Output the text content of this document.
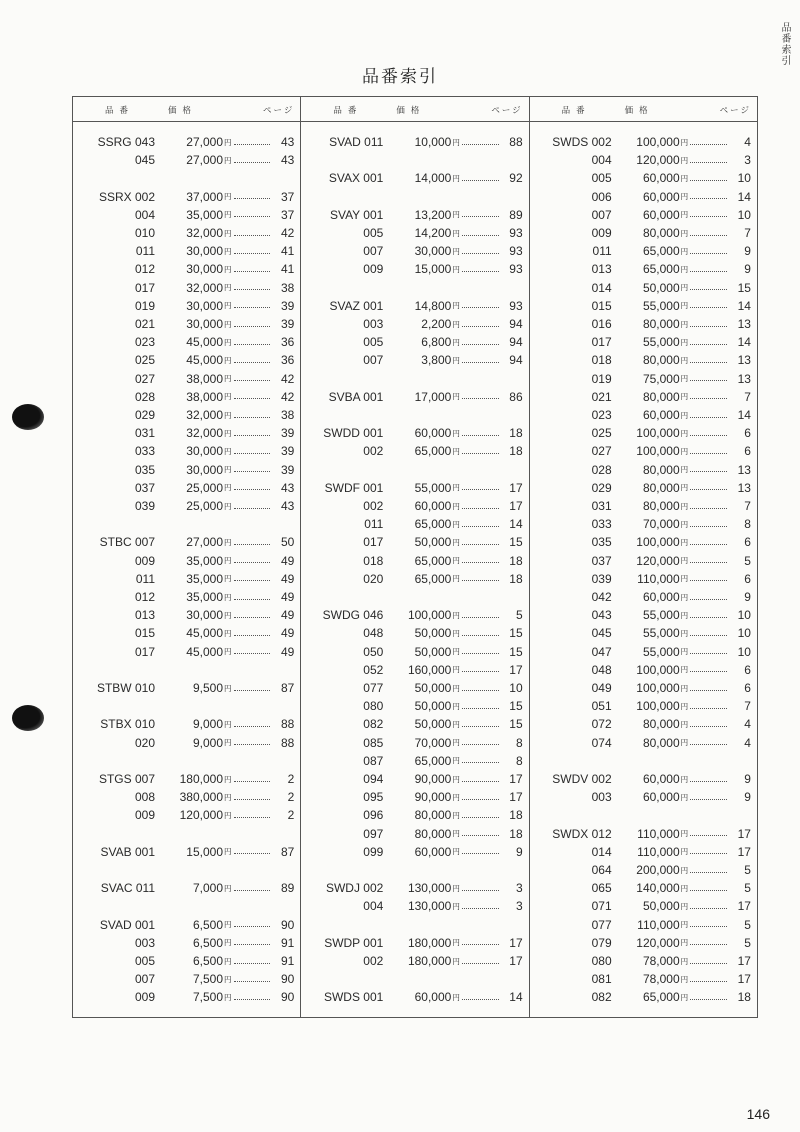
品番索引
品番索引
品番	価格	ページ
SSRG 043	27,000 円	43
045	27,000 円	43
SSRX 002	37,000 円	37
004	35,000 円	37
010	32,000 円	42
011	30,000 円	41
012	30,000 円	41
017	32,000 円	38
019	30,000 円	39
021	30,000 円	39
023	45,000 円	36
025	45,000 円	36
027	38,000 円	42
028	38,000 円	42
029	32,000 円	38
031	32,000 円	39
033	30,000 円	39
035	30,000 円	39
037	25,000 円	43
039	25,000 円	43
STBC 007	27,000 円	50
009	35,000 円	49
011	35,000 円	49
012	35,000 円	49
013	30,000 円	49
015	45,000 円	49
017	45,000 円	49
STBW 010	9,500 円	87
STBX 010	9,000 円	88
020	9,000 円	88
STGS 007	180,000 円	2
008	380,000 円	2
009	120,000 円	2
SVAB 001	15,000 円	87
SVAC 011	7,000 円	89
SVAD 001	6,500 円	90
003	6,500 円	91
005	6,500 円	91
007	7,500 円	90
009	7,500 円	90
品番	価格	ページ
SVAD 011	10,000 円	88
SVAX 001	14,000 円	92
SVAY 001	13,200 円	89
005	14,200 円	93
007	30,000 円	93
009	15,000 円	93
SVAZ 001	14,800 円	93
003	2,200 円	94
005	6,800 円	94
007	3,800 円	94
SVBA 001	17,000 円	86
SWDD 001	60,000 円	18
002	65,000 円	18
SWDF 001	55,000 円	17
002	60,000 円	17
011	65,000 円	14
017	50,000 円	15
018	65,000 円	18
020	65,000 円	18
SWDG 046	100,000 円	5
048	50,000 円	15
050	50,000 円	15
052	160,000 円	17
077	50,000 円	10
080	50,000 円	15
082	50,000 円	15
085	70,000 円	8
087	65,000 円	8
094	90,000 円	17
095	90,000 円	17
096	80,000 円	18
097	80,000 円	18
099	60,000 円	9
SWDJ 002	130,000 円	3
004	130,000 円	3
SWDP 001	180,000 円	17
002	180,000 円	17
SWDS 001	60,000 円	14
品番	価格	ページ
SWDS 002	100,000 円	4
004	120,000 円	3
005	60,000 円	10
006	60,000 円	14
007	60,000 円	10
009	80,000 円	7
011	65,000 円	9
013	65,000 円	9
014	50,000 円	15
015	55,000 円	14
016	80,000 円	13
017	55,000 円	14
018	80,000 円	13
019	75,000 円	13
021	80,000 円	7
023	60,000 円	14
025	100,000 円	6
027	100,000 円	6
028	80,000 円	13
029	80,000 円	13
031	80,000 円	7
033	70,000 円	8
035	100,000 円	6
037	120,000 円	5
039	110,000 円	6
042	60,000 円	9
043	55,000 円	10
045	55,000 円	10
047	55,000 円	10
048	100,000 円	6
049	100,000 円	6
051	100,000 円	7
072	80,000 円	4
074	80,000 円	4
SWDV 002	60,000 円	9
003	60,000 円	9
SWDX 012	110,000 円	17
014	110,000 円	17
064	200,000 円	5
065	140,000 円	5
071	50,000 円	17
077	110,000 円	5
079	120,000 円	5
080	78,000 円	17
081	78,000 円	17
082	65,000 円	18
146
